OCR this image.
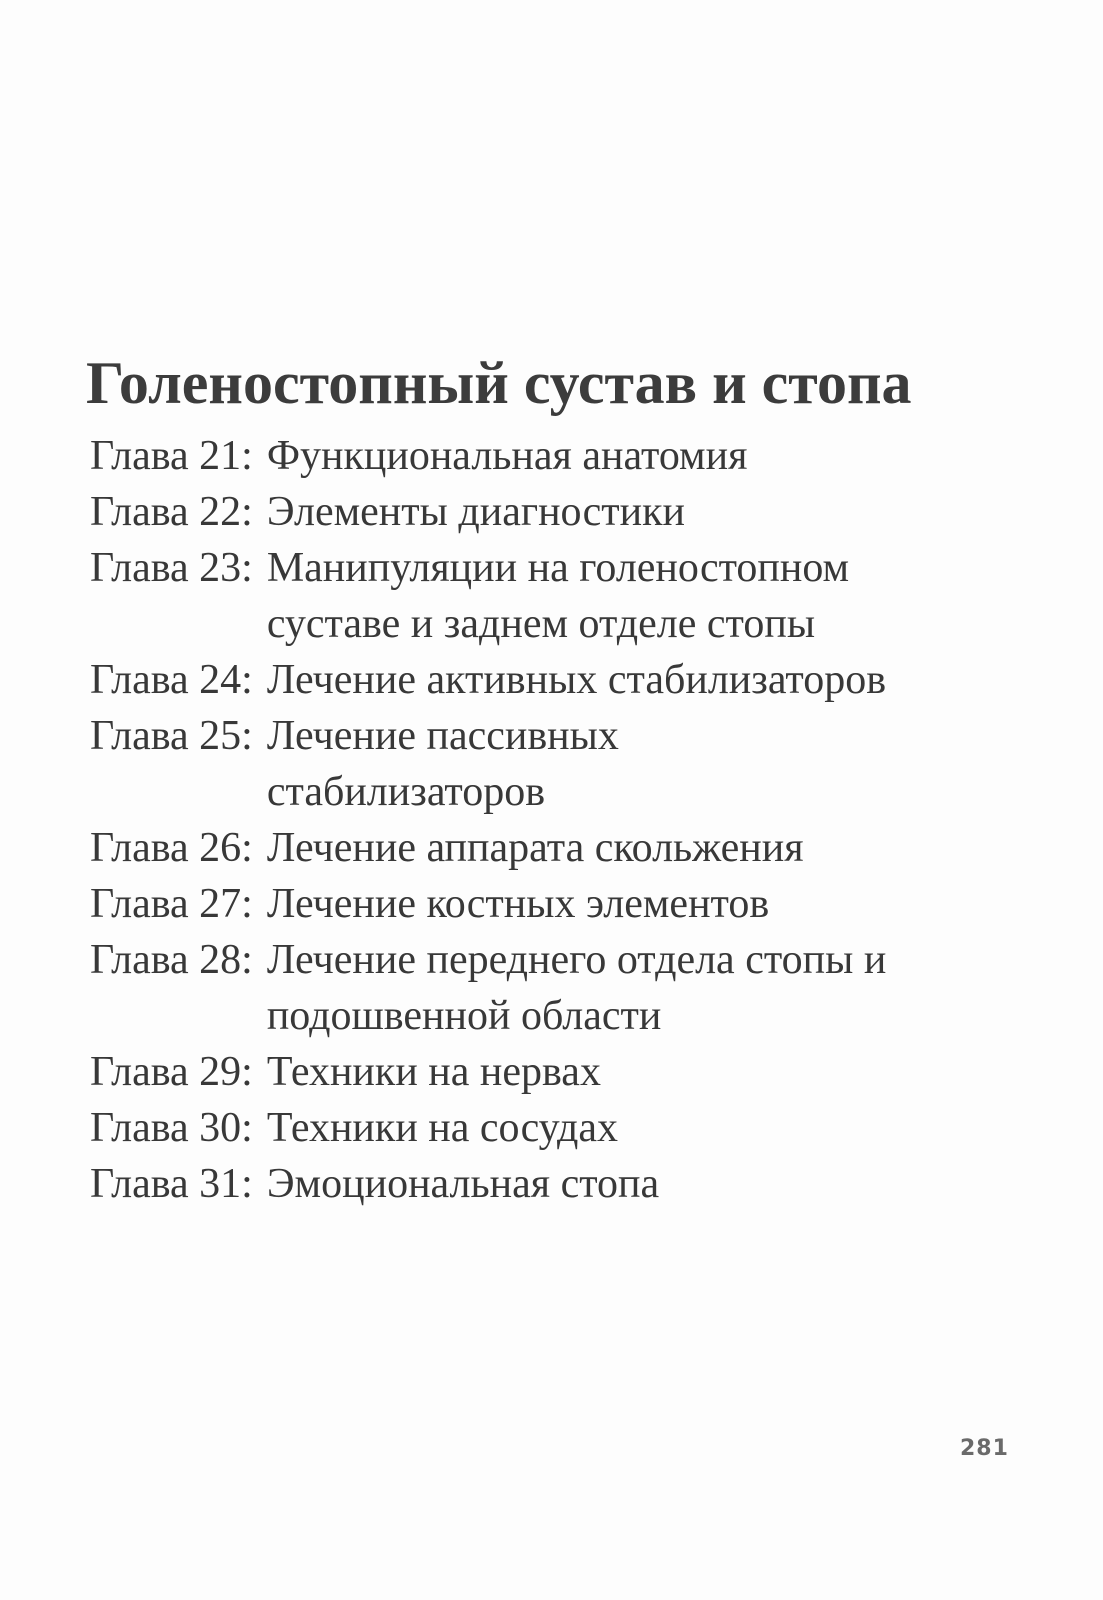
Голеностопный сустав и стопа
Глава 21: Функциональная анатомия
Глава 22: Элементы диагностики
Глава 23: Манипуляции на голеностопном
суставе и заднем отделе стопы
Глава 24: Лечение активных стабилизаторов
Глава 25: Лечение пассивных
стабилизаторов
Глава 26: Лечение аппарата скольжения
Глава 27: Лечение костных элементов
Глава 28: Лечение переднего отдела стопы и
подошвенной области
Глава 29: Техники на нервах
Глава 30: Техники на сосудах
Глава 31: Эмоциональная стопа
281
